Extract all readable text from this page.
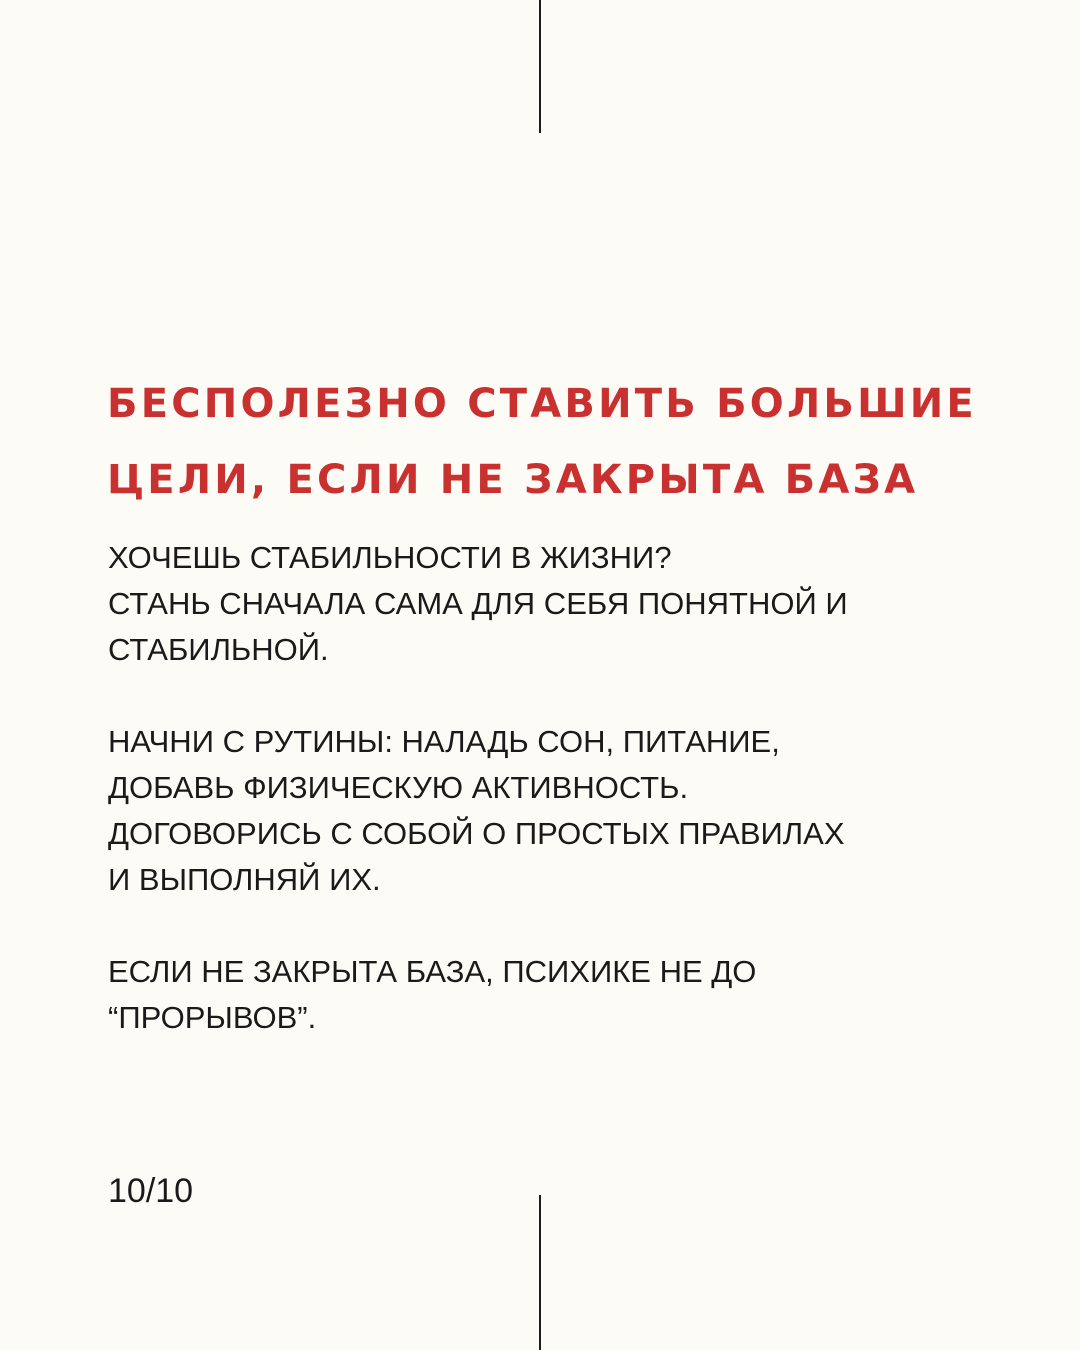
БЕСПОЛЕЗНО СТАВИТЬ БОЛЬШИЕ
ЦЕЛИ, ЕСЛИ НЕ ЗАКРЫТА БАЗА

ХОЧЕШЬ СТАБИЛЬНОСТИ В ЖИЗНИ?
СТАНЬ СНАЧАЛА САМА ДЛЯ СЕБЯ ПОНЯТНОЙ И
СТАБИЛЬНОЙ.

НАЧНИ С РУТИНЫ: НАЛАДЬ СОН, ПИТАНИЕ,
ДОБАВЬ ФИЗИЧЕСКУЮ АКТИВНОСТЬ.
ДОГОВОРИСЬ С СОБОЙ О ПРОСТЫХ ПРАВИЛАХ
И ВЫПОЛНЯЙ ИХ.

ЕСЛИ НЕ ЗАКРЫТА БАЗА, ПСИХИКЕ НЕ ДО
“ПРОРЫВОВ”.

10/10
